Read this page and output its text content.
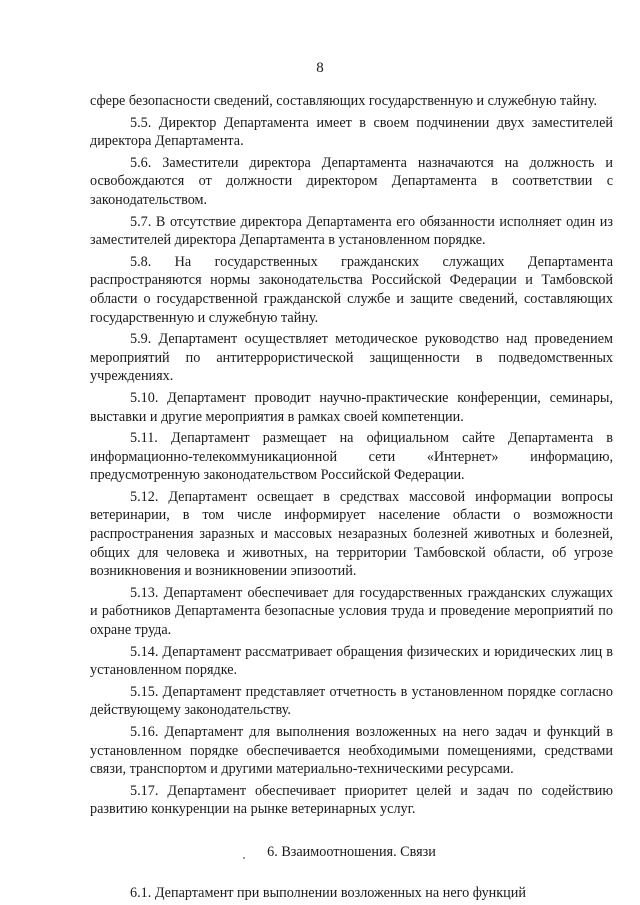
8

сфере безопасности сведений, составляющих государственную и служебную тайну.

5.5. Директор Департамента имеет в своем подчинении двух заместителей директора Департамента.

5.6. Заместители директора Департамента назначаются на должность и освобождаются от должности директором Департамента в соответствии с законодательством.

5.7. В отсутствие директора Департамента его обязанности исполняет один из заместителей директора Департамента в установленном порядке.

5.8. На государственных гражданских служащих Департамента распространяются нормы законодательства Российской Федерации и Тамбовской области о государственной гражданской службе и защите сведений, составляющих государственную и служебную тайну.

5.9. Департамент осуществляет методическое руководство над проведением мероприятий по антитеррористической защищенности в подведомственных учреждениях.

5.10. Департамент проводит научно-практические конференции, семинары, выставки и другие мероприятия в рамках своей компетенции.

5.11. Департамент размещает на официальном сайте Департамента в информационно-телекоммуникационной сети «Интернет» информацию, предусмотренную законодательством Российской Федерации.

5.12. Департамент освещает в средствах массовой информации вопросы ветеринарии, в том числе информирует население области о возможности распространения заразных и массовых незаразных болезней животных и болезней, общих для человека и животных, на территории Тамбовской области, об угрозе возникновения и возникновении эпизоотий.

5.13. Департамент обеспечивает для государственных гражданских служащих и работников Департамента безопасные условия труда и проведение мероприятий по охране труда.

5.14. Департамент рассматривает обращения физических и юридических лиц в установленном порядке.

5.15. Департамент представляет отчетность в установленном порядке согласно действующему законодательству.

5.16. Департамент для выполнения возложенных на него задач и функций в установленном порядке обеспечивается необходимыми помещениями, средствами связи, транспортом и другими материально-техническими ресурсами.

5.17. Департамент обеспечивает приоритет целей и задач по содействию развитию конкуренции на рынке ветеринарных услуг.

6. Взаимоотношения. Связи

6.1. Департамент при выполнении возложенных на него функций
